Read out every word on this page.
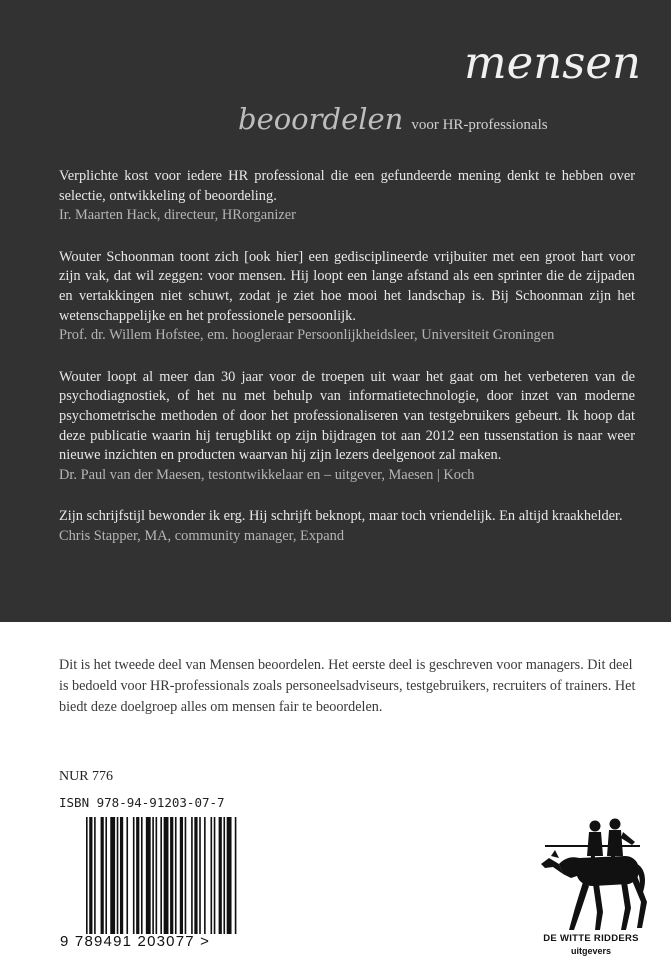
mensen
beoordelen voor HR-professionals
Verplichte kost voor iedere HR professional die een gefundeerde mening denkt te hebben over selectie, ontwikkeling of beoordeling.
Ir. Maarten Hack, directeur, HRorganizer
Wouter Schoonman toont zich [ook hier] een gedisciplineerde vrijbuiter met een groot hart voor zijn vak, dat wil zeggen: voor mensen. Hij loopt een lange afstand als een sprinter die de zijpaden en vertakkingen niet schuwt, zodat je ziet hoe mooi het landschap is. Bij Schoonman zijn het wetenschappelijke en het professionele persoonlijk.
Prof. dr. Willem Hofstee, em. hoogleraar Persoonlijkheidsleer, Universiteit Groningen
Wouter loopt al meer dan 30 jaar voor de troepen uit waar het gaat om het verbeteren van de psychodiagnostiek, of het nu met behulp van informatietechnologie, door inzet van moderne psychometrische methoden of door het professionaliseren van testgebruikers gebeurt. Ik hoop dat deze publicatie waarin hij terugblikt op zijn bijdragen tot aan 2012 een tussenstation is naar weer nieuwe inzichten en producten waarvan hij zijn lezers deelgenoot zal maken.
Dr. Paul van der Maesen, testontwikkelaar en – uitgever, Maesen | Koch
Zijn schrijfstijl bewonder ik erg. Hij schrijft beknopt, maar toch vriendelijk. En altijd kraakhelder.
Chris Stapper, MA, community manager, Expand
Dit is het tweede deel van Mensen beoordelen. Het eerste deel is geschreven voor managers. Dit deel is bedoeld voor HR-professionals zoals personeelsadviseurs, testgebruikers, recruiters of trainers. Het biedt deze doelgroep alles om mensen fair te beoordelen.
NUR 776
ISBN 978-94-91203-07-7
9 789491 203077 >	DE WITTE RIDDERS
uitgevers
